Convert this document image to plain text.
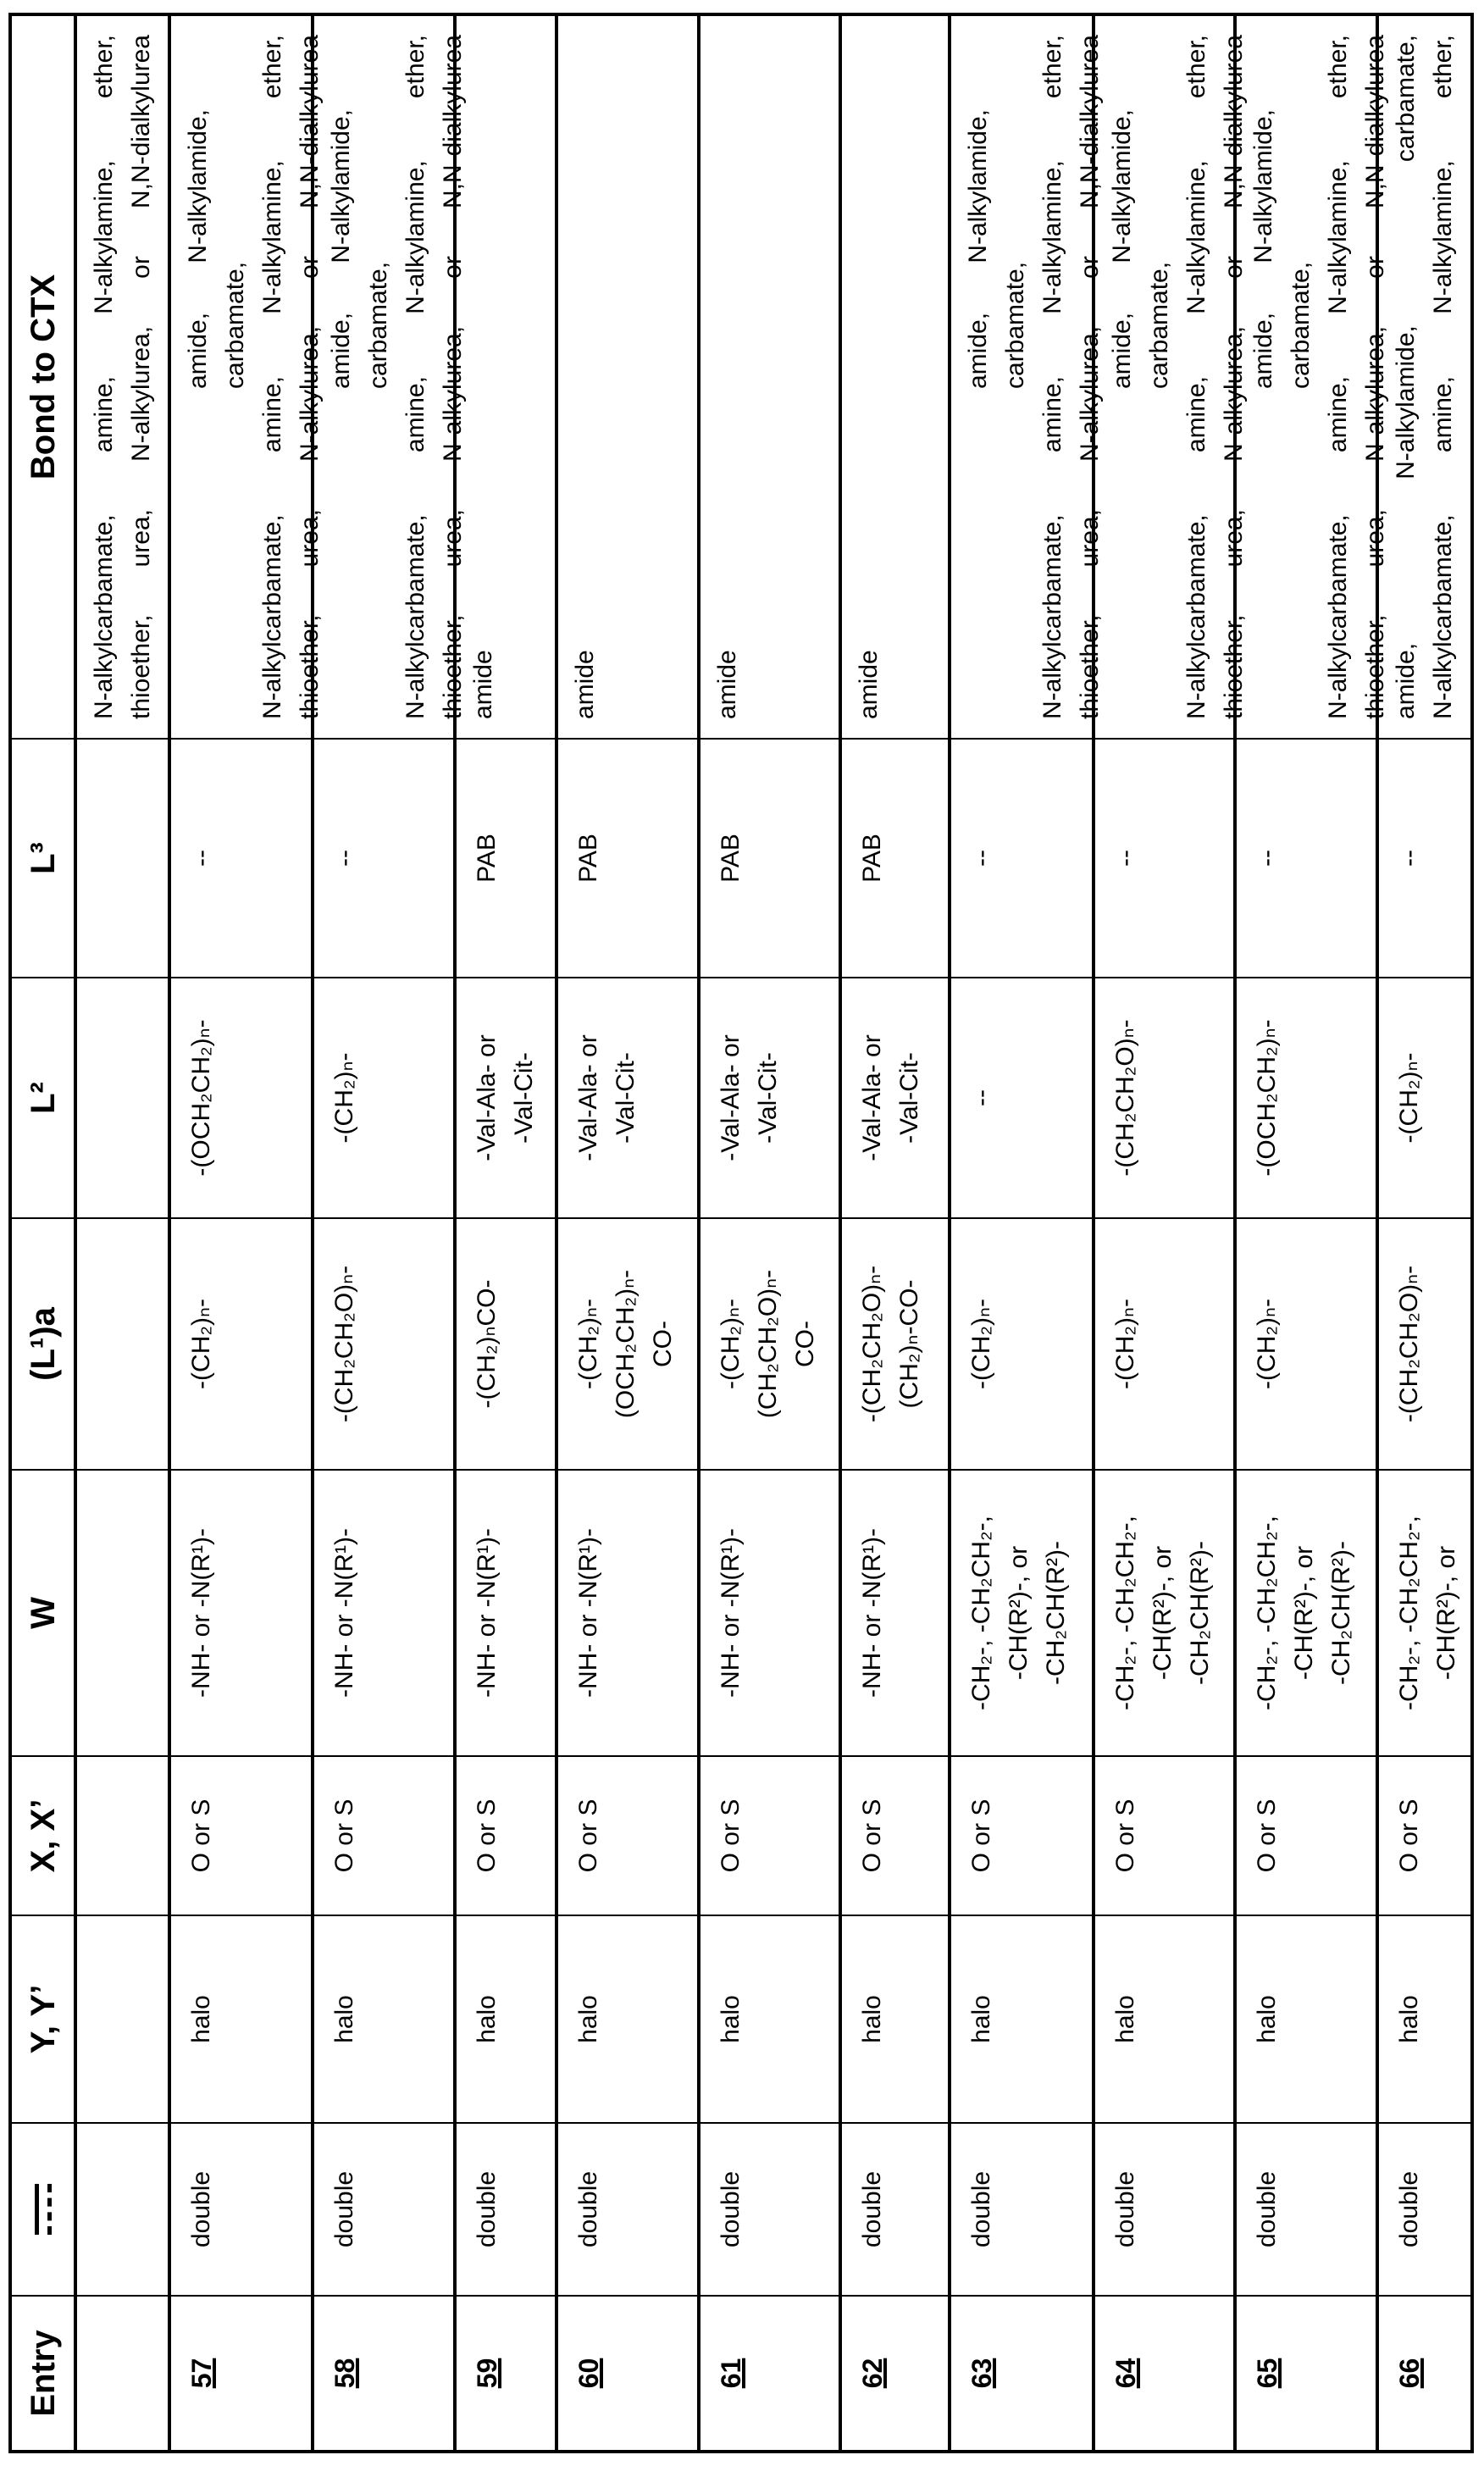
Entry
Y, Y’
X, X’
W
(L¹)a
L²
L³
Bond to CTX N-alkylcarbamate, amine, N-alkylamine, ether, thioether, urea, N-alkylurea, or N,N-dialkylurea
57
double
halo
O or S
-NH- or -N(R¹)-
-(CH₂)ₙ-
-(OCH₂CH₂)ₙ-
--
amide, N-alkylamide, carbamate, N-alkylcarbamate, amine, N-alkylamine, ether, thioether, urea, N-alkylurea, or N,N-dialkylurea
58
double
halo
O or S
-NH- or -N(R¹)-
-(CH₂CH₂O)ₙ-
-(CH₂)ₙ-
--
amide, N-alkylamide, carbamate, N-alkylcarbamate, amine, N-alkylamine, ether, thioether, urea, N-alkylurea, or N,N-dialkylurea
59
double
halo
O or S
-NH- or -N(R¹)-
-(CH₂)ₙCO-
-Val-Ala- or -Val-Cit-
PAB
amide
60
double
halo
O or S
-NH- or -N(R¹)-
-(CH₂)ₙ- (OCH₂CH₂)ₙ- CO-
-Val-Ala- or -Val-Cit-
PAB
amide
61
double
halo
O or S
-NH- or -N(R¹)-
-(CH₂)ₙ- (CH₂CH₂O)ₙ- CO-
-Val-Ala- or -Val-Cit-
PAB
amide
62
double
halo
O or S
-NH- or -N(R¹)-
-(CH₂CH₂O)ₙ- (CH₂)ₙ-CO-
-Val-Ala- or -Val-Cit-
PAB
amide
63
double
halo
O or S
-CH₂-, -CH₂CH₂-, -CH(R²)-, or -CH₂CH(R²)-
-(CH₂)ₙ-
--
--
amide, N-alkylamide, carbamate, N-alkylcarbamate, amine, N-alkylamine, ether, thioether, urea, N-alkylurea, or N,N-dialkylurea
64
double
halo
O or S
-CH₂-, -CH₂CH₂-, -CH(R²)-, or -CH₂CH(R²)-
-(CH₂)ₙ-
-(CH₂CH₂O)ₙ-
--
amide, N-alkylamide, carbamate, N-alkylcarbamate, amine, N-alkylamine, ether, thioether, urea, N-alkylurea, or N,N-dialkylurea
65
double
halo
O or S
-CH₂-, -CH₂CH₂-, -CH(R²)-, or -CH₂CH(R²)-
-(CH₂)ₙ-
-(OCH₂CH₂)ₙ-
--
amide, N-alkylamide, carbamate, N-alkylcarbamate, amine, N-alkylamine, ether, thioether, urea, N-alkylurea, or N,N-dialkylurea
66
double
halo
O or S
-CH₂-, -CH₂CH₂-, -CH(R²)-, or
-(CH₂CH₂O)ₙ-
-(CH₂)ₙ-
--
amide, N-alkylamide, carbamate, N-alkylcarbamate, amine, N-alkylamine, ether,
